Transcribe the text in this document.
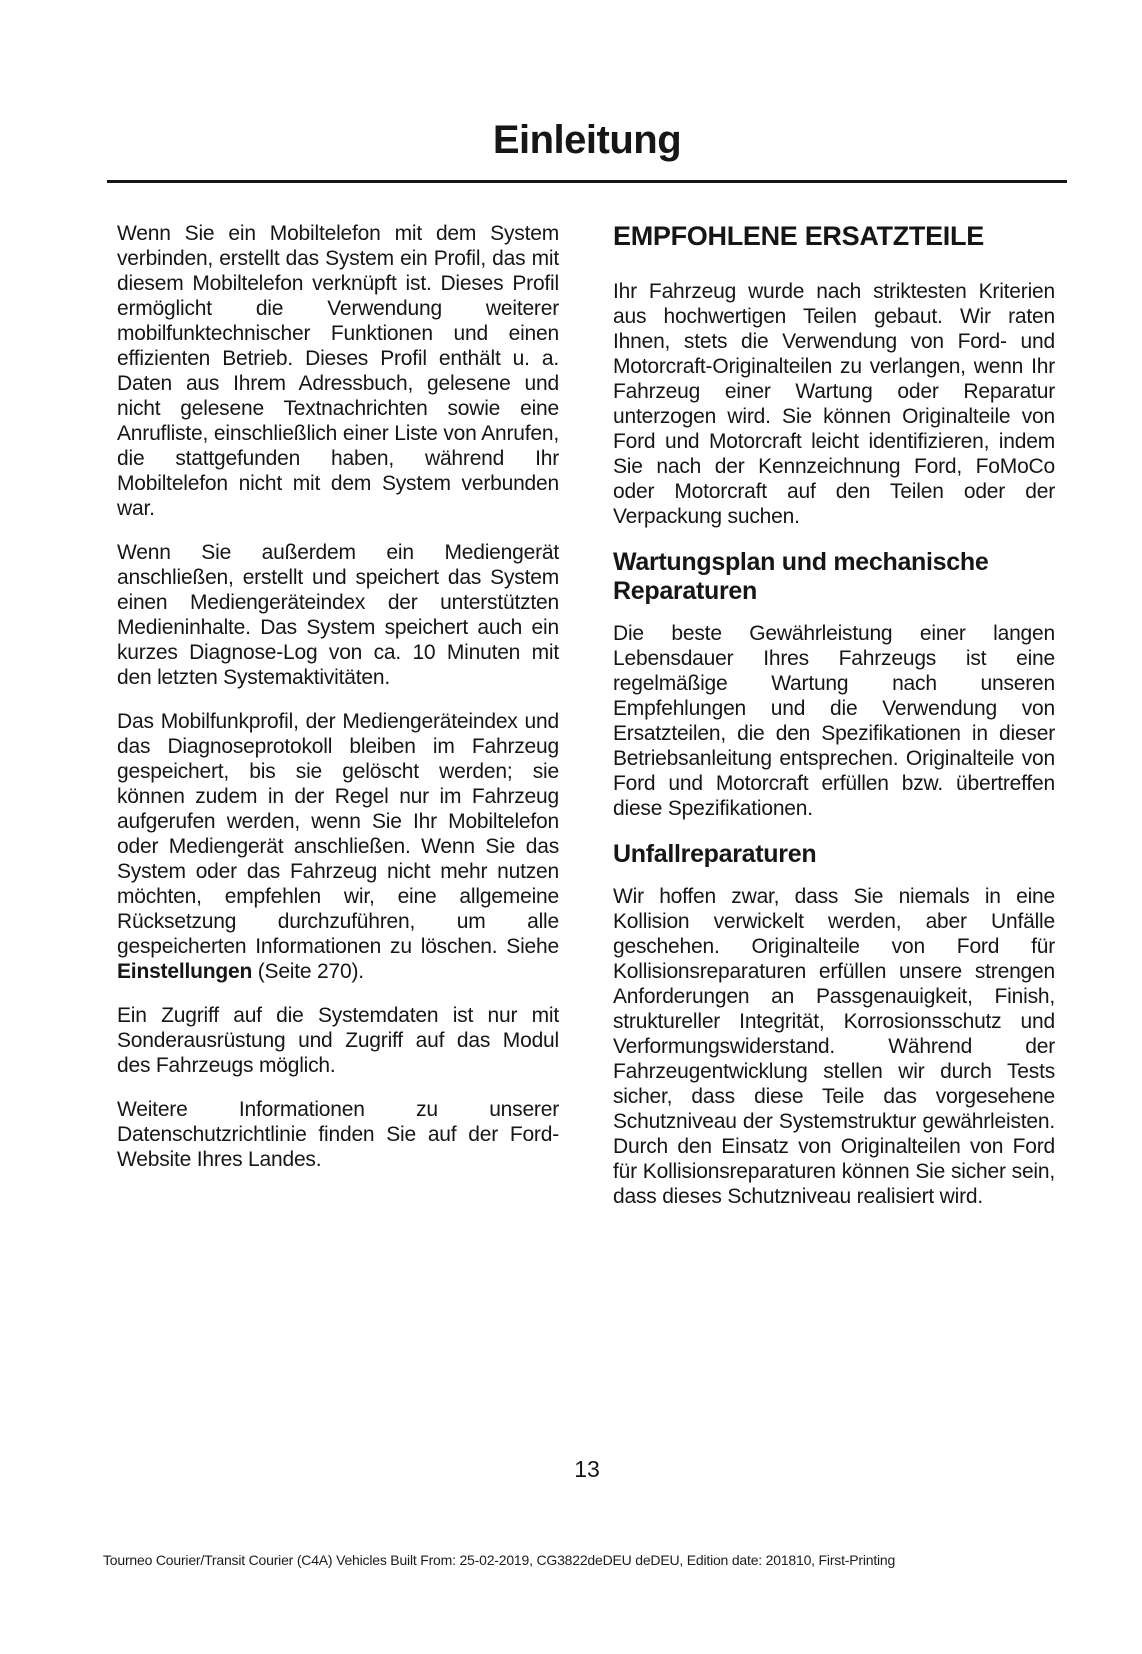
Einleitung

Wenn Sie ein Mobiltelefon mit dem System verbinden, erstellt das System ein Profil, das mit diesem Mobiltelefon verknüpft ist. Dieses Profil ermöglicht die Verwendung weiterer mobilfunktechnischer Funktionen und einen effizienten Betrieb. Dieses Profil enthält u. a. Daten aus Ihrem Adressbuch, gelesene und nicht gelesene Textnachrichten sowie eine Anrufliste, einschließlich einer Liste von Anrufen, die stattgefunden haben, während Ihr Mobiltelefon nicht mit dem System verbunden war.

Wenn Sie außerdem ein Mediengerät anschließen, erstellt und speichert das System einen Mediengeräteindex der unterstützten Medieninhalte. Das System speichert auch ein kurzes Diagnose-Log von ca. 10 Minuten mit den letzten Systemaktivitäten.

Das Mobilfunkprofil, der Mediengeräteindex und das Diagnoseprotokoll bleiben im Fahrzeug gespeichert, bis sie gelöscht werden; sie können zudem in der Regel nur im Fahrzeug aufgerufen werden, wenn Sie Ihr Mobiltelefon oder Mediengerät anschließen. Wenn Sie das System oder das Fahrzeug nicht mehr nutzen möchten, empfehlen wir, eine allgemeine Rücksetzung durchzuführen, um alle gespeicherten Informationen zu löschen. Siehe Einstellungen (Seite 270).

Ein Zugriff auf die Systemdaten ist nur mit Sonderausrüstung und Zugriff auf das Modul des Fahrzeugs möglich.

Weitere Informationen zu unserer Datenschutzrichtlinie finden Sie auf der Ford-Website Ihres Landes.

EMPFOHLENE ERSATZTEILE

Ihr Fahrzeug wurde nach striktesten Kriterien aus hochwertigen Teilen gebaut. Wir raten Ihnen, stets die Verwendung von Ford- und Motorcraft-Originalteilen zu verlangen, wenn Ihr Fahrzeug einer Wartung oder Reparatur unterzogen wird. Sie können Originalteile von Ford und Motorcraft leicht identifizieren, indem Sie nach der Kennzeichnung Ford, FoMoCo oder Motorcraft auf den Teilen oder der Verpackung suchen.

Wartungsplan und mechanische Reparaturen

Die beste Gewährleistung einer langen Lebensdauer Ihres Fahrzeugs ist eine regelmäßige Wartung nach unseren Empfehlungen und die Verwendung von Ersatzteilen, die den Spezifikationen in dieser Betriebsanleitung entsprechen. Originalteile von Ford und Motorcraft erfüllen bzw. übertreffen diese Spezifikationen.

Unfallreparaturen

Wir hoffen zwar, dass Sie niemals in eine Kollision verwickelt werden, aber Unfälle geschehen. Originalteile von Ford für Kollisionsreparaturen erfüllen unsere strengen Anforderungen an Passgenauigkeit, Finish, struktureller Integrität, Korrosionsschutz und Verformungswiderstand. Während der Fahrzeugentwicklung stellen wir durch Tests sicher, dass diese Teile das vorgesehene Schutzniveau der Systemstruktur gewährleisten. Durch den Einsatz von Originalteilen von Ford für Kollisionsreparaturen können Sie sicher sein, dass dieses Schutzniveau realisiert wird.

13
Tourneo Courier/Transit Courier (C4A) Vehicles Built From: 25-02-2019, CG3822deDEU deDEU, Edition date: 201810, First-Printing
